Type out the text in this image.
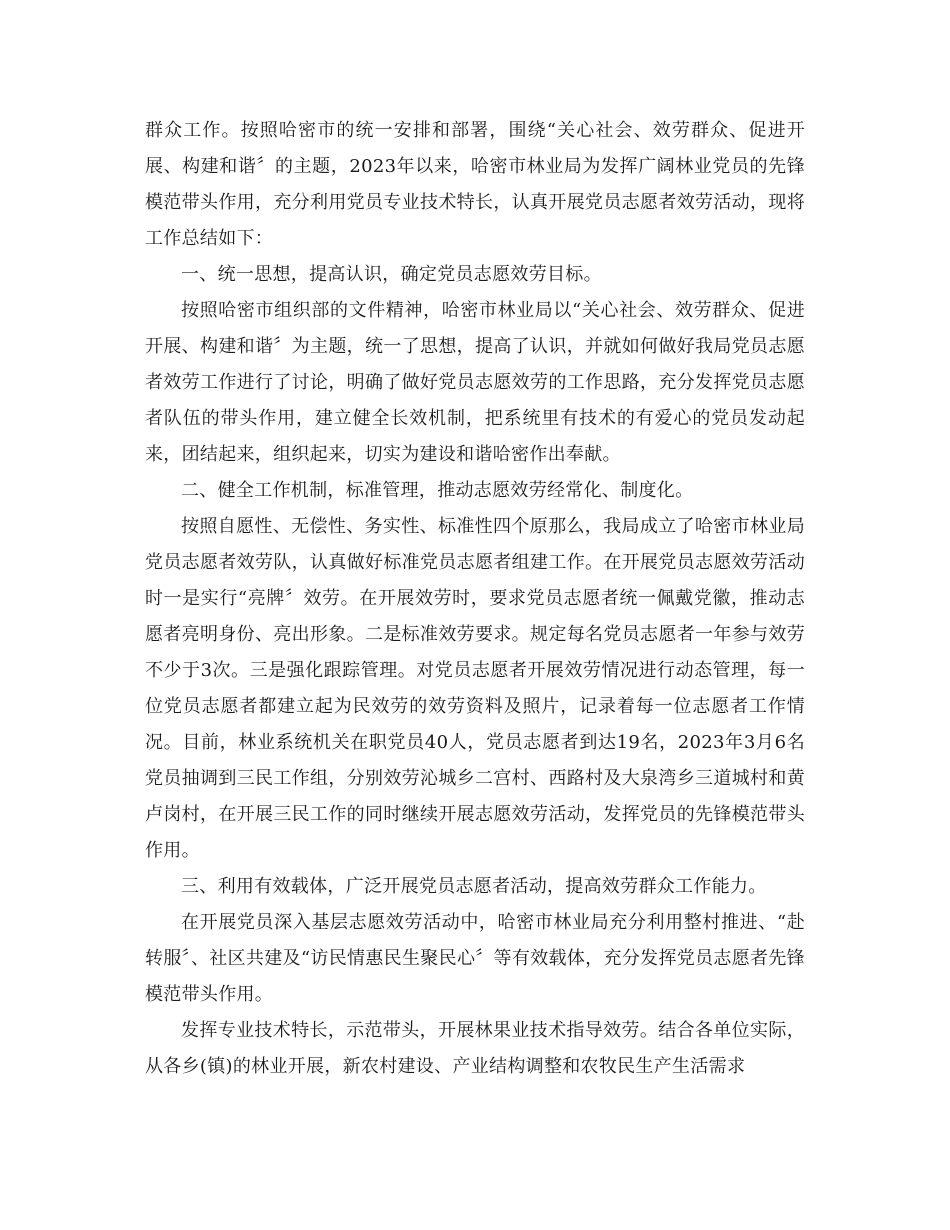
群众工作。按照哈密市的统一安排和部署，围绕“关心社会、效劳群众、促进开展、构建和谐〞的主题，2023年以来，哈密市林业局为发挥广阔林业党员的先锋模范带头作用，充分利用党员专业技术特长，认真开展党员志愿者效劳活动，现将工作总结如下：

一、统一思想，提高认识，确定党员志愿效劳目标。

按照哈密市组织部的文件精神，哈密市林业局以“关心社会、效劳群众、促进开展、构建和谐〞为主题，统一了思想，提高了认识，并就如何做好我局党员志愿者效劳工作进行了讨论，明确了做好党员志愿效劳的工作思路，充分发挥党员志愿者队伍的带头作用，建立健全长效机制，把系统里有技术的有爱心的党员发动起来，团结起来，组织起来，切实为建设和谐哈密作出奉献。

二、健全工作机制，标准管理，推动志愿效劳经常化、制度化。

按照自愿性、无偿性、务实性、标准性四个原那么，我局成立了哈密市林业局党员志愿者效劳队，认真做好标准党员志愿者组建工作。在开展党员志愿效劳活动时一是实行“亮牌〞效劳。在开展效劳时，要求党员志愿者统一佩戴党徽，推动志愿者亮明身份、亮出形象。二是标准效劳要求。规定每名党员志愿者一年参与效劳不少于3次。三是强化跟踪管理。对党员志愿者开展效劳情况进行动态管理，每一位党员志愿者都建立起为民效劳的效劳资料及照片，记录着每一位志愿者工作情况。目前，林业系统机关在职党员40人，党员志愿者到达19名，2023年3月6名党员抽调到三民工作组，分别效劳沁城乡二宫村、西路村及大泉湾乡三道城村和黄卢岗村，在开展三民工作的同时继续开展志愿效劳活动，发挥党员的先锋模范带头作用。

三、利用有效载体，广泛开展党员志愿者活动，提高效劳群众工作能力。

在开展党员深入基层志愿效劳活动中，哈密市林业局充分利用整村推进、“赴转服〞、社区共建及“访民情惠民生聚民心〞等有效载体，充分发挥党员志愿者先锋模范带头作用。

发挥专业技术特长，示范带头，开展林果业技术指导效劳。结合各单位实际，从各乡(镇)的林业开展，新农村建设、产业结构调整和农牧民生产生活需求
